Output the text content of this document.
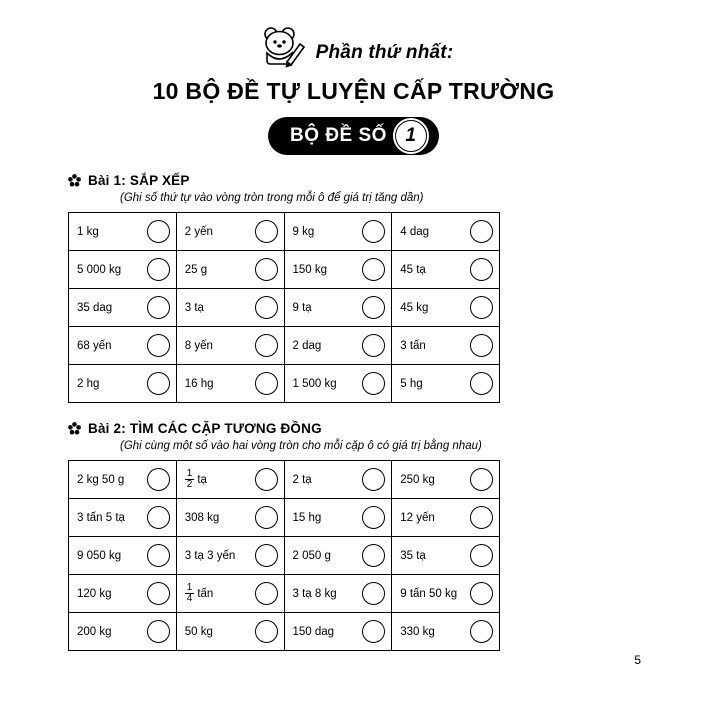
Phần thứ nhất:
10 BỘ ĐỀ TỰ LUYỆN CẤP TRƯỜNG
BỘ ĐỀ SỐ 1
Bài 1: SẮP XẾP
(Ghi số thứ tự vào vòng tròn trong mỗi ô để giá trị tăng dần)
1 kg	2 yến	9 kg	4 dag

5 000 kg	25 g	150 kg	45 tạ

35 dag	3 tạ	9 tạ	45 kg

68 yến	8 yến	2 dag	3 tấn

2 hg	16 hg	1 500 kg	5 hg
Bài 2: TÌM CÁC CẶP TƯƠNG ĐỒNG
(Ghi cùng một số vào hai vòng tròn cho mỗi cặp ô có giá trị bằng nhau)
2 kg 50 g	$\frac{1}{2}$ tạ	2 tạ	250 kg

3 tấn 5 tạ	308 kg	15 hg	12 yến

9 050 kg	3 tạ 3 yến	2 050 g	35 tạ

120 kg	$\frac{1}{4}$ tấn	3 tạ 8 kg	9 tấn 50 kg

200 kg	50 kg	150 dag	330 kg
5
